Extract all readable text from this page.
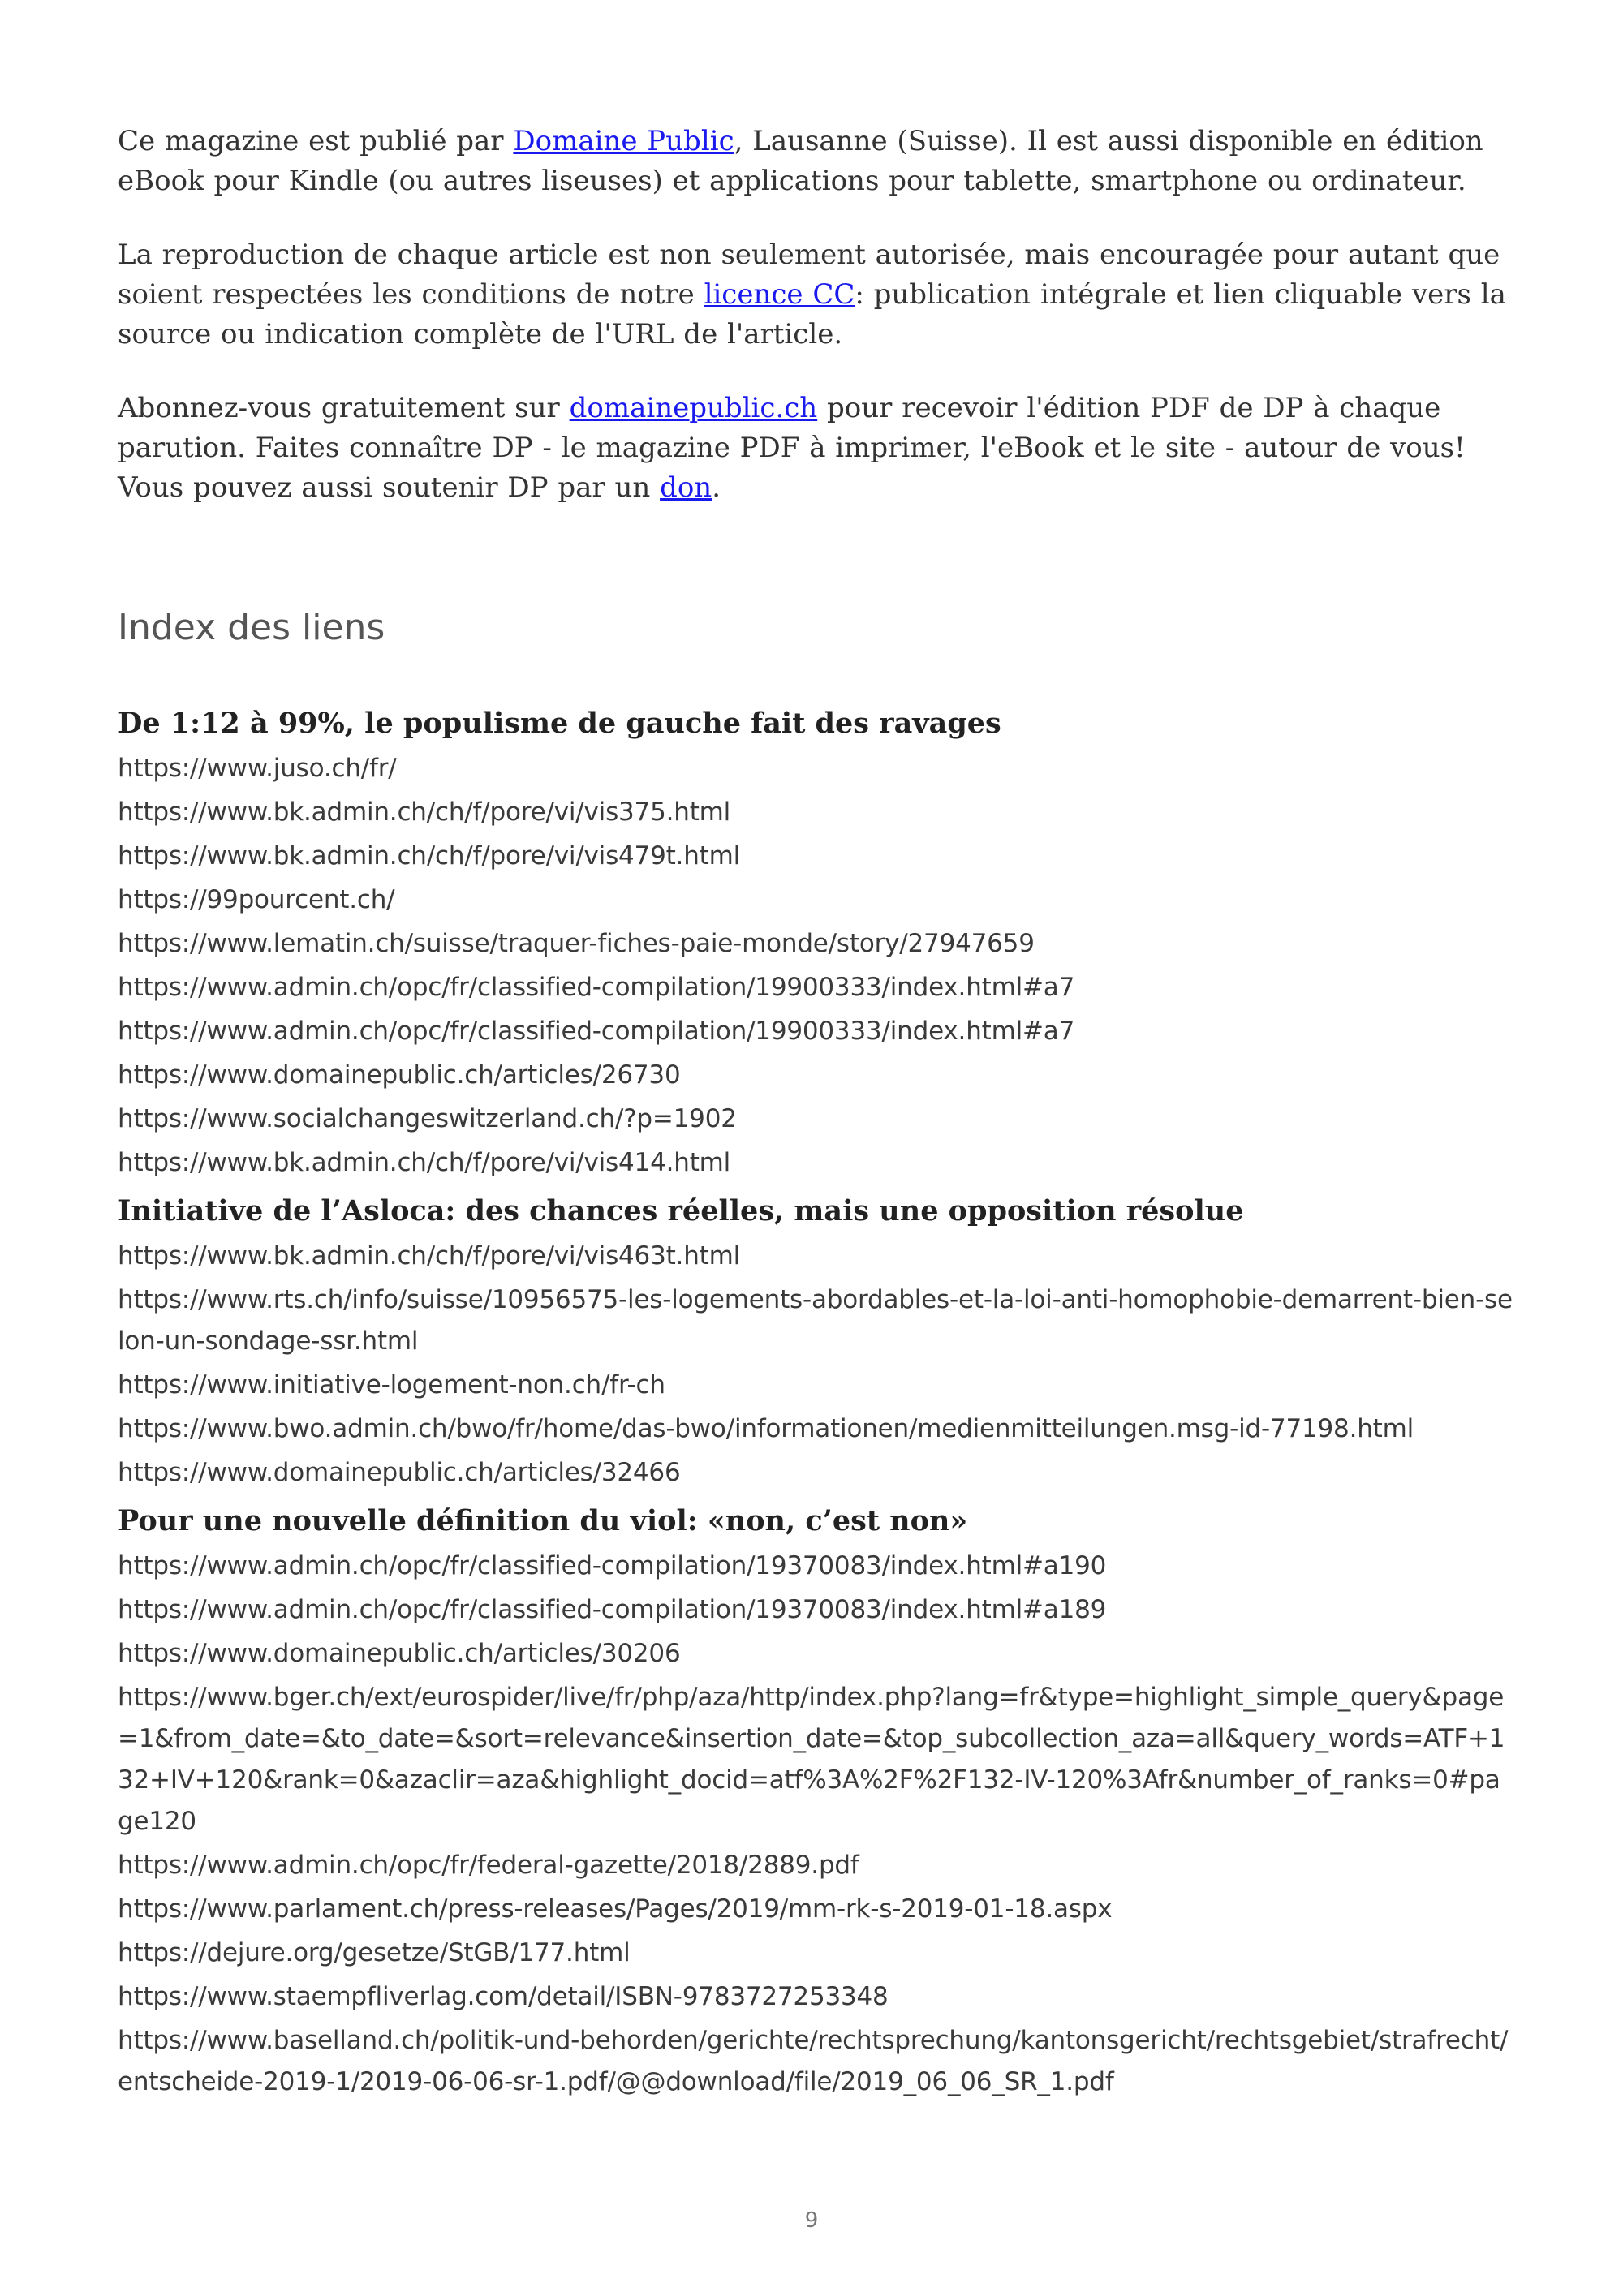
Ce magazine est publié par Domaine Public, Lausanne (Suisse). Il est aussi disponible en édition eBook pour Kindle (ou autres liseuses) et applications pour tablette, smartphone ou ordinateur.

La reproduction de chaque article est non seulement autorisée, mais encouragée pour autant que soient respectées les conditions de notre licence CC: publication intégrale et lien cliquable vers la source ou indication complète de l'URL de l'article.

Abonnez-vous gratuitement sur domainepublic.ch pour recevoir l'édition PDF de DP à chaque parution. Faites connaître DP - le magazine PDF à imprimer, l'eBook et le site - autour de vous! Vous pouvez aussi soutenir DP par un don.

Index des liens
De 1:12 à 99%, le populisme de gauche fait des ravages
https://www.juso.ch/fr/
https://www.bk.admin.ch/ch/f/pore/vi/vis375.html
https://www.bk.admin.ch/ch/f/pore/vi/vis479t.html
https://99pourcent.ch/
https://www.lematin.ch/suisse/traquer-fiches-paie-monde/story/27947659
https://www.admin.ch/opc/fr/classified-compilation/19900333/index.html#a7
https://www.admin.ch/opc/fr/classified-compilation/19900333/index.html#a7
https://www.domainepublic.ch/articles/26730
https://www.socialchangeswitzerland.ch/?p=1902
https://www.bk.admin.ch/ch/f/pore/vi/vis414.html
Initiative de l’Asloca: des chances réelles, mais une opposition résolue
https://www.bk.admin.ch/ch/f/pore/vi/vis463t.html
https://www.rts.ch/info/suisse/10956575-les-logements-abordables-et-la-loi-anti-homophobie-demarrent-bien-selon-un-sondage-ssr.html
https://www.initiative-logement-non.ch/fr-ch
https://www.bwo.admin.ch/bwo/fr/home/das-bwo/informationen/medienmitteilungen.msg-id-77198.html
https://www.domainepublic.ch/articles/32466
Pour une nouvelle définition du viol: «non, c’est non»
https://www.admin.ch/opc/fr/classified-compilation/19370083/index.html#a190
https://www.admin.ch/opc/fr/classified-compilation/19370083/index.html#a189
https://www.domainepublic.ch/articles/30206
https://www.bger.ch/ext/eurospider/live/fr/php/aza/http/index.php?lang=fr&type=highlight_simple_query&page=1&from_date=&to_date=&sort=relevance&insertion_date=&top_subcollection_aza=all&query_words=ATF+132+IV+120&rank=0&azaclir=aza&highlight_docid=atf%3A%2F%2F132-IV-120%3Afr&number_of_ranks=0#page120
https://www.admin.ch/opc/fr/federal-gazette/2018/2889.pdf
https://www.parlament.ch/press-releases/Pages/2019/mm-rk-s-2019-01-18.aspx
https://dejure.org/gesetze/StGB/177.html
https://www.staempfliverlag.com/detail/ISBN-9783727253348
https://www.baselland.ch/politik-und-behorden/gerichte/rechtsprechung/kantonsgericht/rechtsgebiet/strafrecht/entscheide-2019-1/2019-06-06-sr-1.pdf/@@download/file/2019_06_06_SR_1.pdf
9
